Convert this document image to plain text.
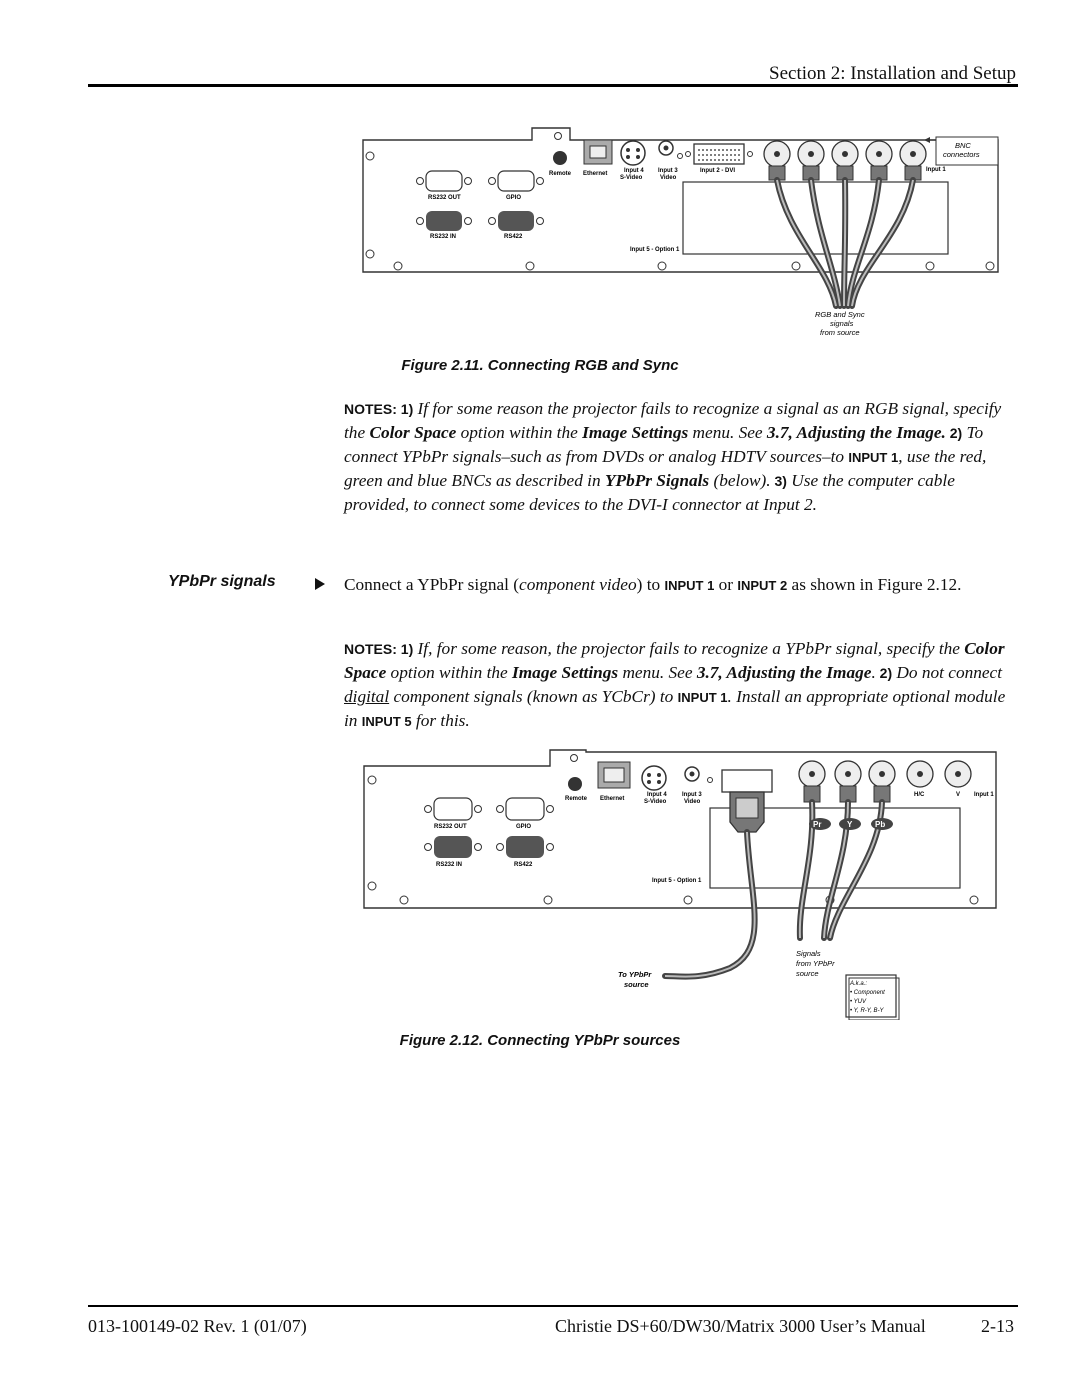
Section 2: Installation and Setup
RS232 OUT	GPIO
RS232 IN	RS422
Remote Ethernet	Input 4
S-Video
Input 3
Video
Input 2 - DVI
Input 5 - Option 1
Input 1
BNC
connectors
RGB and Sync
signals
from source
Figure 2.11. Connecting RGB and Sync
NOTES: 1) If for some reason the projector fails to recognize a signal as an RGB signal, specify the Color Space option within the Image Settings menu. See 3.7, Adjusting the Image. 2) To connect YPbPr signals–such as from DVDs or analog HDTV sources–to INPUT 1, use the red, green and blue BNCs as described in YPbPr Signals (below). 3) Use the computer cable provided, to connect some devices to the DVI-I connector at Input 2.
YPbPr signals	Connect a YPbPr signal (component video) to INPUT 1 or INPUT 2 as shown in Figure 2.12.
NOTES: 1) If, for some reason, the projector fails to recognize a YPbPr signal, specify the Color Space option within the Image Settings menu. See 3.7, Adjusting the Image. 2) Do not connect digital component signals (known as YCbCr) to INPUT 1. Install an appropriate optional module in INPUT 5 for this.
RS232 OUT	GPIO
RS232 IN	RS422
Remote Ethernet
Input 4
S-Video
Input 3
Video
Input 5 - Option 1
H/C	V Input 1
Pr	Y	Pb
Signals
from YPbPr
source
To YPbPr
source	A.k.a.:
• Component
• YUV
• Y, R-Y, B-Y
Figure 2.12. Connecting YPbPr sources
013-100149-02 Rev. 1 (01/07)	Christie DS+60/DW30/Matrix 3000 User’s Manual	2-13
